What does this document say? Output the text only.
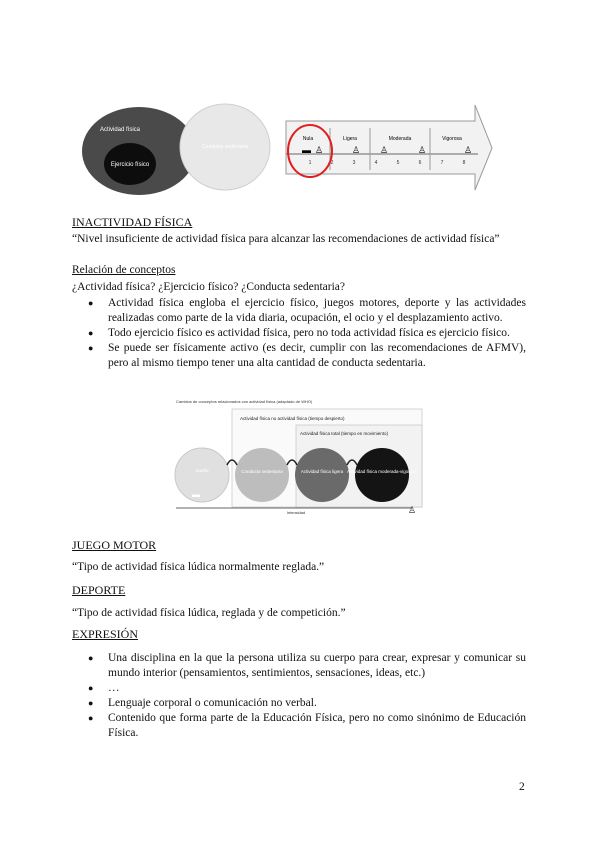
Actividad física
Ejercicio físico
Conducta sedentaria
Nula	Ligera	Moderada	Vigorosa
▬ ♙	♙ ♙	♙	♙
1	2	3	4	5	6	7	8
INACTIVIDAD FÍSICA
“Nivel insuficiente de actividad física para alcanzar las recomendaciones de actividad física”
Relación de conceptos
¿Actividad física? ¿Ejercicio físico? ¿Conducta sedentaria?
● Actividad física engloba el ejercicio físico, juegos motores, deporte y las actividades realizadas como parte de la vida diaria, ocupación, el ocio y el desplazamiento activo.
● Todo ejercicio físico es actividad física, pero no toda actividad física es ejercicio físico.
● Se puede ser físicamente activo (es decir, cumplir con las recomendaciones de AFMV), pero al mismo tiempo tener una alta cantidad de conducta sedentaria.
Cambios de conceptos relacionados con actividad física (adaptado de WHO)
Actividad física no actividad física (tiempo despierto)
Actividad física total (tiempo en movimiento)
Sueño
▬
Conducta sedentaria	Actividad física ligera Actividad física moderada-vigorosa
Intensidad	♙
JUEGO MOTOR
“Tipo de actividad física lúdica normalmente reglada.”
DEPORTE
“Tipo de actividad física lúdica, reglada y de competición.”
EXPRESIÓN
● Una disciplina en la que la persona utiliza su cuerpo para crear, expresar y comunicar su mundo interior (pensamientos, sentimientos, sensaciones, ideas, etc.)
● …
● Lenguaje corporal o comunicación no verbal.
● Contenido que forma parte de la Educación Física, pero no como sinónimo de Educación Física.
2
